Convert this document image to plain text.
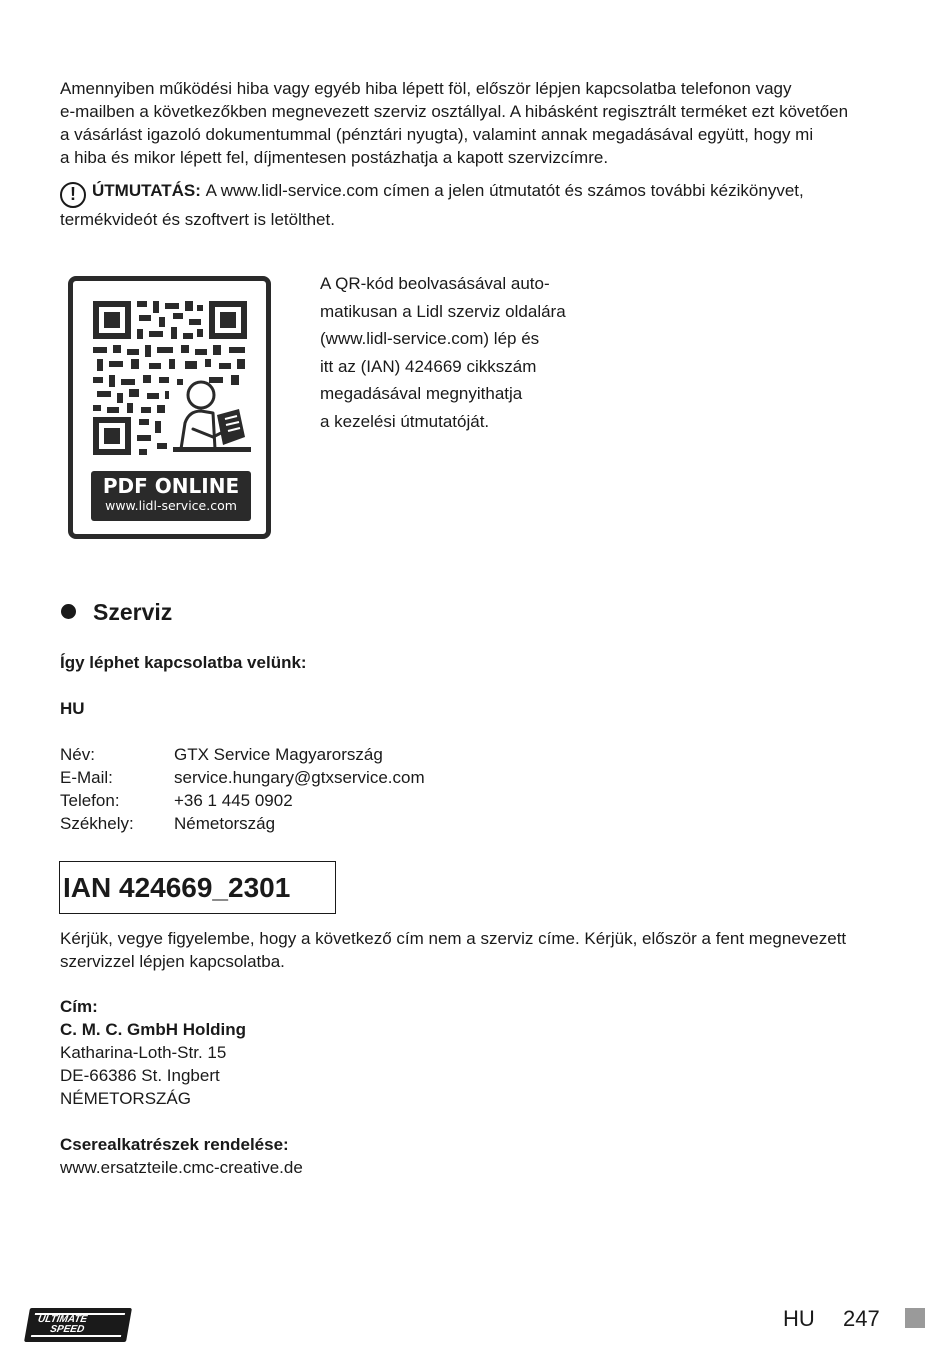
Amennyiben működési hiba vagy egyéb hiba lépett föl, először lépjen kapcsolatba telefonon vagy
e-mailben a következőkben megnevezett szerviz osztállyal. A hibásként regisztrált terméket ezt követően
a vásárlást igazoló dokumentummal (pénztári nyugta), valamint annak megadásával együtt, hogy mi
a hiba és mikor lépett fel, díjmentesen postázhatja a kapott szervizcímre.

! ÚTMUTATÁS: A www.lidl-service.com címen a jelen útmutatót és számos további kézikönyvet,
termékvideót és szoftvert is letölthet.

PDF ONLINE
www.lidl-service.com

A QR-kód beolvasásával auto-
matikusan a Lidl szerviz oldalára
(www.lidl-service.com) lép és
itt az (IAN) 424669 cikkszám
megadásával megnyithatja
a kezelési útmutatóját.

Szerviz
Így léphet kapcsolatba velünk:
HU
Név:	GTX Service Magyarország
E-Mail:	service.hungary@gtxservice.com
Telefon:	+36 1 445 0902
Székhely: Németország
IAN 424669_2301

Kérjük, vegye figyelembe, hogy a következő cím nem a szerviz címe. Kérjük, először a fent megnevezett
szervizzel lépjen kapcsolatba.

Cím:
C. M. C. GmbH Holding
Katharina-Loth-Str. 15
DE-66386 St. Ingbert
NÉMETORSZÁG
Cserealkatrészek rendelése:
www.ersatzteile.cmc-creative.de
ULTIMATE
SPEED	HU 247
